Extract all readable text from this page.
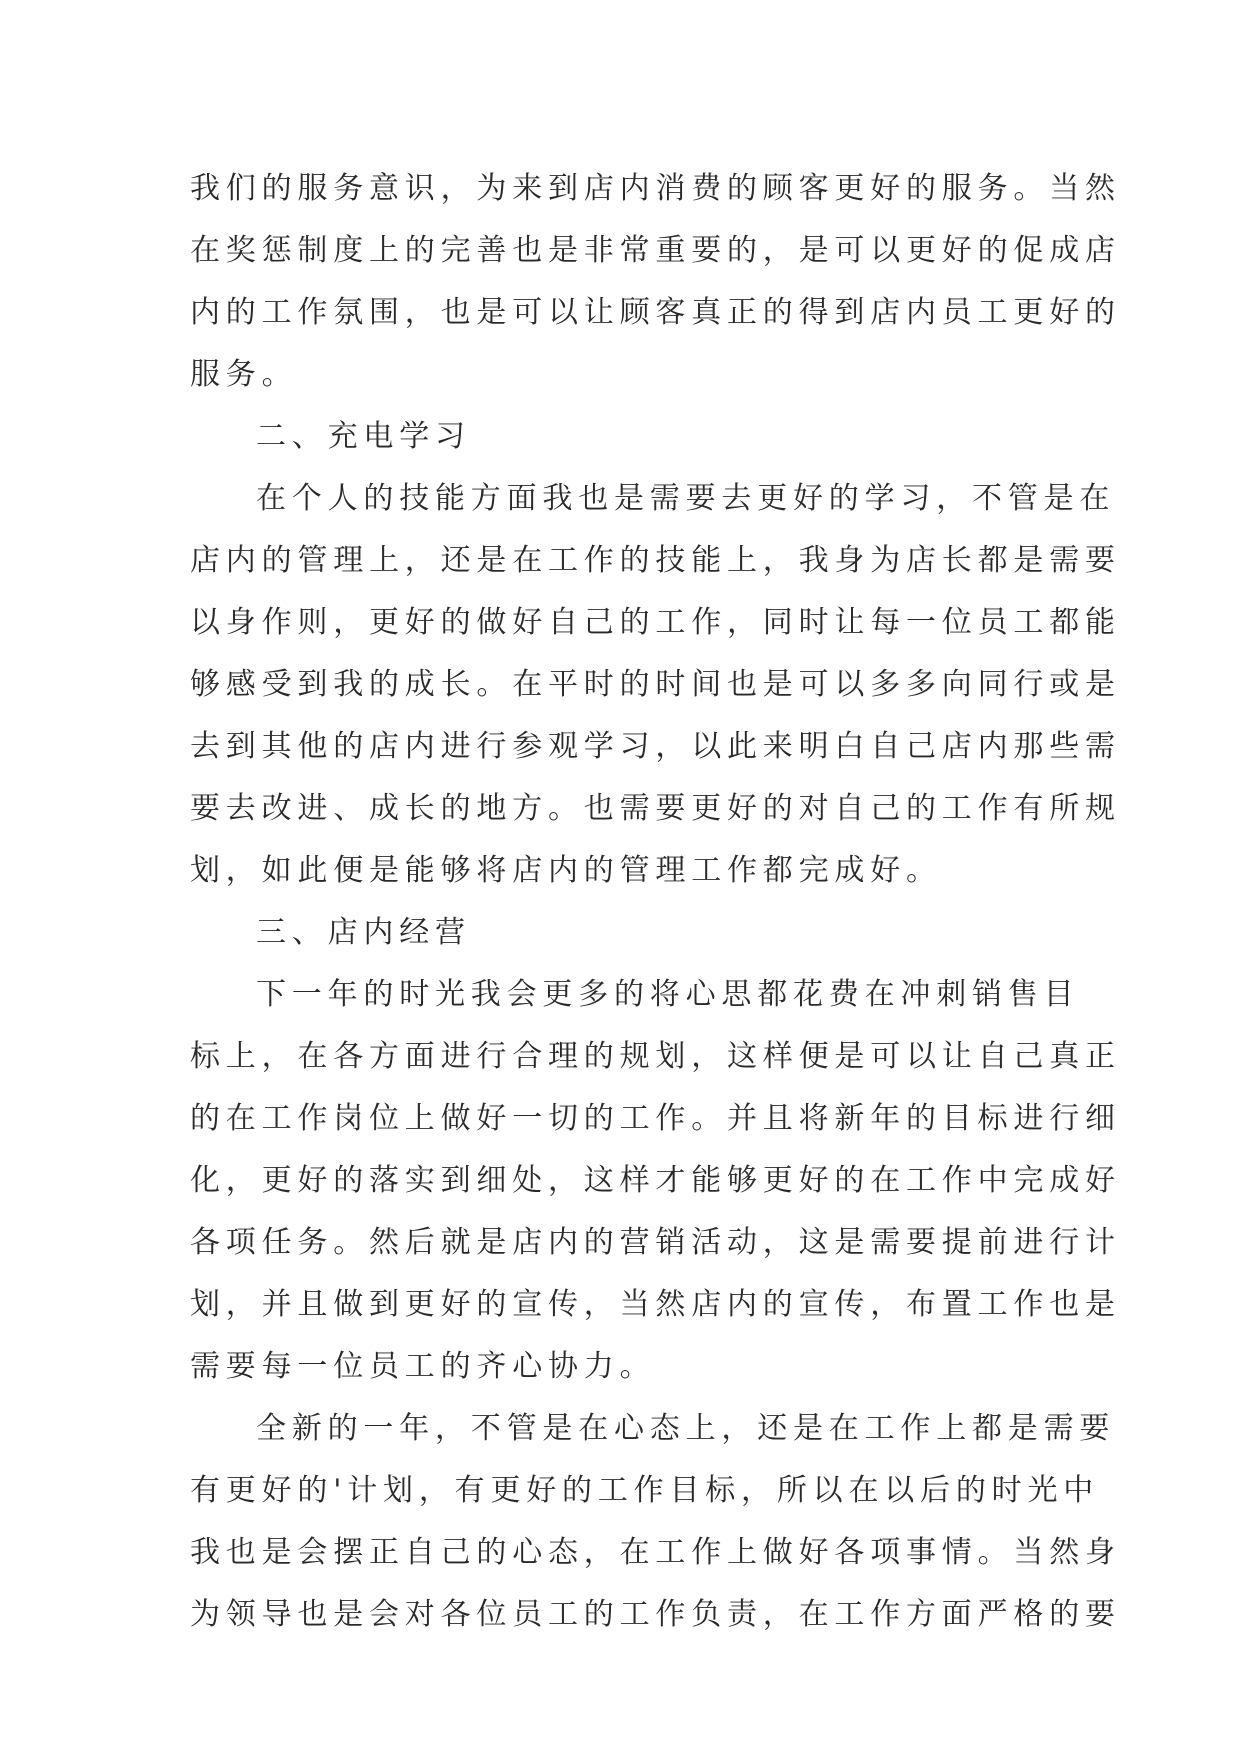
我们的服务意识，为来到店内消费的顾客更好的服务。当然
在奖惩制度上的完善也是非常重要的，是可以更好的促成店
内的工作氛围，也是可以让顾客真正的得到店内员工更好的
服务。
二、充电学习
在个人的技能方面我也是需要去更好的学习，不管是在
店内的管理上，还是在工作的技能上，我身为店长都是需要
以身作则，更好的做好自己的工作，同时让每一位员工都能
够感受到我的成长。在平时的时间也是可以多多向同行或是
去到其他的店内进行参观学习，以此来明白自己店内那些需
要去改进、成长的地方。也需要更好的对自己的工作有所规
划，如此便是能够将店内的管理工作都完成好。
三、店内经营
下一年的时光我会更多的将心思都花费在冲刺销售目
标上，在各方面进行合理的规划，这样便是可以让自己真正
的在工作岗位上做好一切的工作。并且将新年的目标进行细
化，更好的落实到细处，这样才能够更好的在工作中完成好
各项任务。然后就是店内的营销活动，这是需要提前进行计
划，并且做到更好的宣传，当然店内的宣传，布置工作也是
需要每一位员工的齐心协力。
全新的一年，不管是在心态上，还是在工作上都是需要
有更好的'计划，有更好的工作目标，所以在以后的时光中
我也是会摆正自己的心态，在工作上做好各项事情。当然身
为领导也是会对各位员工的工作负责，在工作方面严格的要
